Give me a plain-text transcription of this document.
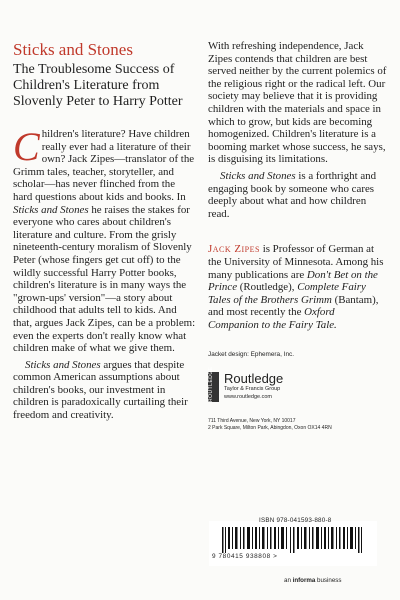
Sticks and Stones
The Troublesome Success of Children's Literature from Slovenly Peter to Harry Potter

Children's literature? Have children really ever had a literature of their own? Jack Zipes—translator of the Grimm tales, teacher, storyteller, and scholar—has never flinched from the hard questions about kids and books. In Sticks and Stones he raises the stakes for everyone who cares about children's literature and culture. From the grisly nineteenth-century moralism of Slovenly Peter (whose fingers get cut off) to the wildly successful Harry Potter books, children's literature is in many ways the "grown-ups' version"—a story about childhood that adults tell to kids. And that, argues Jack Zipes, can be a problem: even the experts don't really know what children make of what we give them.

Sticks and Stones argues that despite common American assumptions about children's books, our investment in children is paradoxically curtailing their freedom and creativity.

With refreshing independence, Jack Zipes contends that children are best served neither by the current polemics of the religious right or the radical left. Our society may believe that it is providing children with the materials and space in which to grow, but kids are becoming homogenized. Children's literature is a booming market whose success, he says, is disguising its limitations.

Sticks and Stones is a forthright and engaging book by someone who cares deeply about what and how children read.

Jack Zipes is Professor of German at the University of Minnesota. Among his many publications are Don't Bet on the Prince (Routledge), Complete Fairy Tales of the Brothers Grimm (Bantam), and most recently the Oxford Companion to the Fairy Tale.

Jacket design: Ephemera, Inc.
ROUTLEDGE Routledge
Taylor & Francis Group
www.routledge.com
711 Third Avenue, New York, NY 10017
2 Park Square, Milton Park, Abingdon, Oxon OX14 4RN
ISBN 978-041593-880-8
9 780415 938808 >
an informa business
